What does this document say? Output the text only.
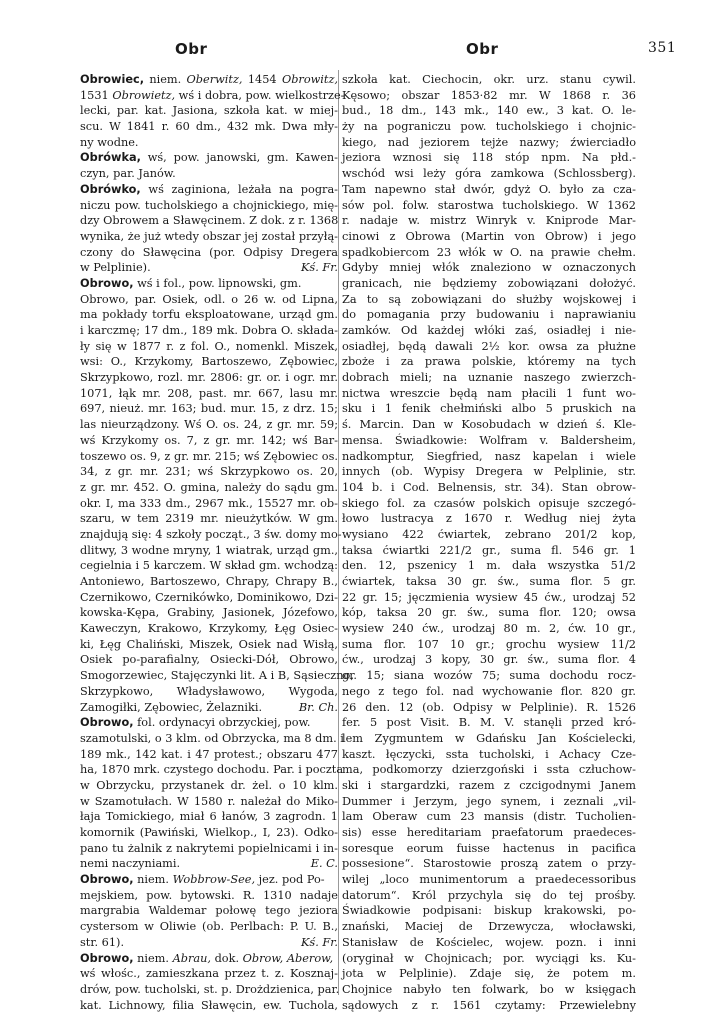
Obr	Obr	351
Obrowiec, niem. Oberwitz, 1454 Obrowitz,
1531 Obrowietz, wś i dobra, pow. wielkostrze-
lecki, par. kat. Jasiona, szkoła kat. w miej-
scu. W 1841 r. 60 dm., 432 mk. Dwa mły-
ny wodne.
Obrówka, wś, pow. janowski, gm. Kawen-
czyn, par. Janów.
Obrówko, wś zaginiona, leżała na pogra-
niczu pow. tucholskiego a chojnickiego, mię-
dzy Obrowem a Sławęcinem. Z dok. z r. 1368
wynika, że już wtedy obszar jej został przyłą-
czony do Sławęcina (por. Odpisy Dregera
w Pelplinie).	Kś. Fr.
Obrowo, wś i fol., pow. lipnowski, gm.
Obrowo, par. Osiek, odl. o 26 w. od Lipna,
ma pokłady torfu eksploatowane, urząd gm.
i karczmę; 17 dm., 189 mk. Dobra O. składa-
ły się w 1877 r. z fol. O., nomenkl. Miszek,
wsi: O., Krzykomy, Bartoszewo, Zębowiec,
Skrzypkowo, rozl. mr. 2806: gr. or. i ogr. mr.
1071, łąk mr. 208, past. mr. 667, lasu mr.
697, nieuż. mr. 163; bud. mur. 15, z drz. 15;
las nieurządzony. Wś O. os. 24, z gr. mr. 59;
wś Krzykomy os. 7, z gr. mr. 142; wś Bar-
toszewo os. 9, z gr. mr. 215; wś Zębowiec os.
34, z gr. mr. 231; wś Skrzypkowo os. 20,
z gr. mr. 452. O. gmina, należy do sądu gm.
okr. I, ma 333 dm., 2967 mk., 15527 mr. ob-
szaru, w tem 2319 mr. nieużytków. W gm.
znajdują się: 4 szkoły począt., 3 św. domy mo-
dlitwy, 3 wodne mryny, 1 wiatrak, urząd gm.,
cegielnia i 5 karczem. W skład gm. wchodzą:
Antoniewo, Bartoszewo, Chrapy, Chrapy B.,
Czernikowo, Czernikówko, Dominikowo, Dzi-
kowska-Kępa, Grabiny, Jasionek, Józefowo,
Kaweczyn, Krakowo, Krzykomy, Łęg Osiec-
ki, Łęg Chaliński, Miszek, Osiek nad Wisłą,
Osiek po-parafialny, Osiecki-Dół, Obrowo,
Smogorzewiec, Stajęczynki lit. A i B, Sąsieczno,
Skrzypkowo, Władysławowo, Wygoda,
Zamogiłki, Zębowiec, Żelazniki.	Br. Ch.
Obrowo, fol. ordynacyi obrzyckiej, pow.
szamotulski, o 3 klm. od Obrzycka, ma 8 dm. i
189 mk., 142 kat. i 47 protest.; obszaru 477
ha, 1870 mrk. czystego dochodu. Par. i poczta
w Obrzycku, przystanek dr. żel. o 10 klm.
w Szamotułach. W 1580 r. należał do Miko-
łaja Tomickiego, miał 6 łanów, 3 zagrodn. 1
komornik (Pawiński, Wielkop., I, 23). Odko-
pano tu żalnik z nakrytemi popielnicami i in-
nemi naczyniami.	E. C.
Obrowo, niem. Wobbrow-See, jez. pod Po-
mejskiem, pow. bytowski. R. 1310 nadaje
margrabia Waldemar połowę tego jeziora
cystersom w Oliwie (ob. Perlbach: P. U. B.,
str. 61).	Kś. Fr.
Obrowo, niem. Abrau, dok. Obrow, Aberow,
wś włośc., zamieszkana przez t. z. Kosznaj-
drów, pow. tucholski, st. p. Drożdzienica, par.
kat. Lichnowy, filia Sławęcin, ew. Tuchola,
szkoła kat. Ciechocin, okr. urz. stanu cywil.
Kęsowo; obszar 1853·82 mr. W 1868 r. 36
bud., 18 dm., 143 mk., 140 ew., 3 kat. O. le-
ży na pograniczu pow. tucholskiego i chojnic-
kiego, nad jeziorem tejże nazwy; źwierciadło
jeziora wznosi się 118 stóp npm. Na płd.-
wschód wsi leży góra zamkowa (Schlossberg).
Tam napewno stał dwór, gdyż O. było za cza-
sów pol. folw. starostwa tucholskiego. W 1362
r. nadaje w. mistrz Winryk v. Kniprode Mar-
cinowi z Obrowa (Martin von Obrow) i jego
spadkobiercom 23 włók w O. na prawie chełm.
Gdyby mniej włók znaleziono w oznaczonych
granicach, nie będziemy zobowiązani dołożyć.
Za to są zobowiązani do służby wojskowej i
do pomagania przy budowaniu i naprawianiu
zamków. Od każdej włóki zaś, osiadłej i nie-
osiadłej, będą dawali 2½ kor. owsa za płużne
zboże i za prawa polskie, któremy na tych
dobrach mieli; na uznanie naszego zwierzch-
nictwa wreszcie będą nam płacili 1 funt wo-
sku i 1 fenik chełmiński albo 5 pruskich na
ś. Marcin. Dan w Kosobudach w dzień ś. Kle-
mensa. Świadkowie: Wolfram v. Baldersheim,
nadkomptur, Siegfried, nasz kapelan i wiele
innych (ob. Wypisy Dregera w Pelplinie, str.
104 b. i Cod. Belnensis, str. 34). Stan obrow-
skiego fol. za czasów polskich opisuje szczegó-
łowo lustracya z 1670 r. Według niej żyta
wysiano 422 ćwiartek, zebrano 201/2 kop,
taksa ćwiartki 221/2 gr., suma fl. 546 gr. 1
den. 12, pszenicy 1 m. dała wszystka 51/2
ćwiartek, taksa 30 gr. św., suma flor. 5 gr.
22 gr. 15; jęczmienia wysiew 45 ćw., urodzaj 52
kóp, taksa 20 gr. św., suma flor. 120; owsa
wysiew 240 ćw., urodzaj 80 m. 2, ćw. 10 gr.,
suma flor. 107 10 gr.; grochu wysiew 11/2
ćw., urodzaj 3 kopy, 30 gr. św., suma flor. 4
gr. 15; siana wozów 75; suma dochodu rocz-
nego z tego fol. nad wychowanie flor. 820 gr.
26 den. 12 (ob. Odpisy w Pelplinie). R. 1526
fer. 5 post Visit. B. M. V. stanęli przed kró-
lem Zygmuntem w Gdańsku Jan Kościelecki,
kaszt. łęczycki, ssta tucholski, i Achacy Cze-
ma, podkomorzy dzierzgoński i ssta człuchow-
ski i stargardzki, razem z czcigodnymi Janem
Dummer i Jerzym, jego synem, i zeznali „vil-
lam Oberaw cum 23 mansis (distr. Tucholien-
sis) esse hereditariam praefatorum praedeces-
soresque eorum fuisse hactenus in pacifica
possesione“. Starostowie proszą zatem o przy-
wilej „loco munimentorum a praedecessoribus
datorum“. Król przychyla się do tej prośby.
Świadkowie podpisani: biskup krakowski, po-
znański, Maciej de Drzewycza, włocławski,
Stanisław de Kościelec, wojew. pozn. i inni
(oryginał w Chojnicach; por. wyciągi ks. Ku-
jota w Pelplinie). Zdaje się, że potem m.
Chojnice nabyło ten folwark, bo w księgach
sądowych z r. 1561 czytamy: Przewielebny
